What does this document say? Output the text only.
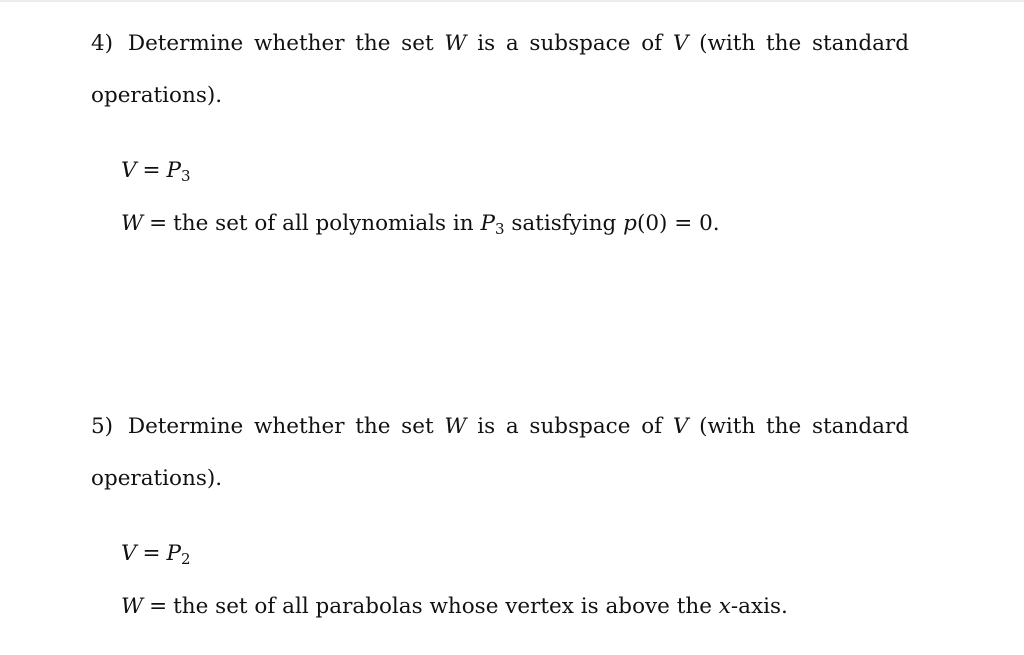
4) Determine whether the set W is a subspace of V (with the standard operations).
$V = P_3$
W = the set of all polynomials in $P_3$ satisfying p(0) = 0.
5) Determine whether the set W is a subspace of V (with the standard operations).
$V = P_2$
W = the set of all parabolas whose vertex is above the x-axis.
